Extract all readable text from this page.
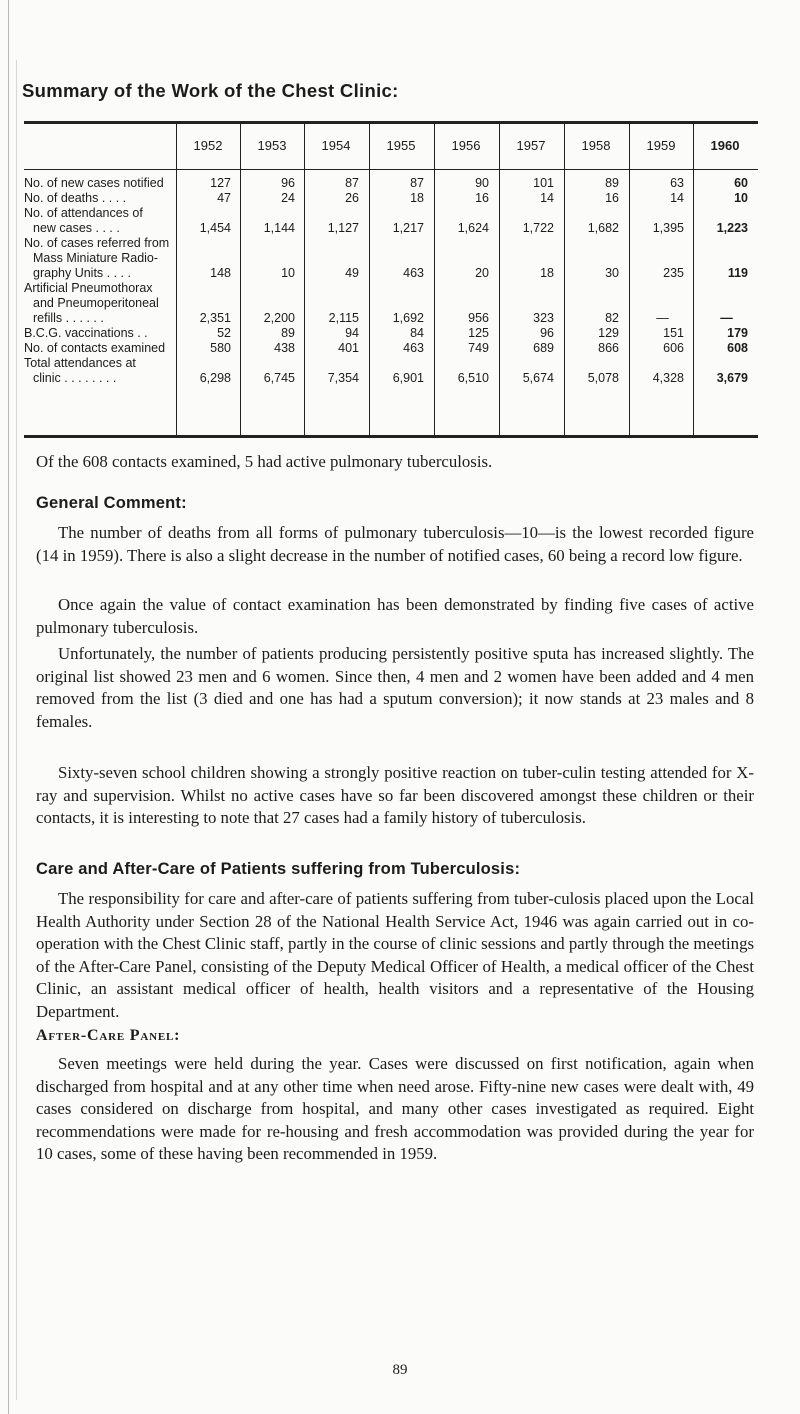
Summary of the Work of the Chest Clinic:
1952	1953	1954	1955	1956	1957	1958	1959	1960
No. of new cases notified	127	96	87	87	90	101	89	63	60
No. of deaths . . . .	47	24	26	18	16	14	16	14	10
No. of attendances of
new cases . . . .	1,454	1,144	1,127	1,217	1,624	1,722	1,682	1,395	1,223
No. of cases referred from
Mass Miniature Radio-
graphy Units . . . .	148	10	49	463	20	18	30	235	119
Artificial Pneumothorax
and Pneumoperitoneal
refills . . . . . .	2,351	2,200	2,115	1,692	956	323	82	—	—
B.C.G. vaccinations . .	52	89	94	84	125	96	129	151	179
No. of contacts examined	580	438	401	463	749	689	866	606	608
Total attendances at
clinic . . . . . . . .	6,298	6,745	7,354	6,901	6,510	5,674	5,078	4,328	3,679

Of the 608 contacts examined, 5 had active pulmonary tuberculosis.

General Comment:

The number of deaths from all forms of pulmonary tuberculosis—10—is the lowest recorded figure (14 in 1959). There is also a slight decrease in the number of notified cases, 60 being a record low figure.

Once again the value of contact examination has been demonstrated by finding five cases of active pulmonary tuberculosis.

Unfortunately, the number of patients producing persistently positive sputa has increased slightly. The original list showed 23 men and 6 women. Since then, 4 men and 2 women have been added and 4 men removed from the list (3 died and one has had a sputum conversion); it now stands at 23 males and 8 females.

Sixty-seven school children showing a strongly positive reaction on tuber-culin testing attended for X-ray and supervision. Whilst no active cases have so far been discovered amongst these children or their contacts, it is interesting to note that 27 cases had a family history of tuberculosis.

Care and After-Care of Patients suffering from Tuberculosis:

The responsibility for care and after-care of patients suffering from tuber-culosis placed upon the Local Health Authority under Section 28 of the National Health Service Act, 1946 was again carried out in co-operation with the Chest Clinic staff, partly in the course of clinic sessions and partly through the meetings of the After-Care Panel, consisting of the Deputy Medical Officer of Health, a medical officer of the Chest Clinic, an assistant medical officer of health, health visitors and a representative of the Housing Department.

After-Care Panel:

Seven meetings were held during the year. Cases were discussed on first notification, again when discharged from hospital and at any other time when need arose. Fifty-nine new cases were dealt with, 49 cases considered on discharge from hospital, and many other cases investigated as required. Eight recommendations were made for re-housing and fresh accommodation was provided during the year for 10 cases, some of these having been recommended in 1959.

89
